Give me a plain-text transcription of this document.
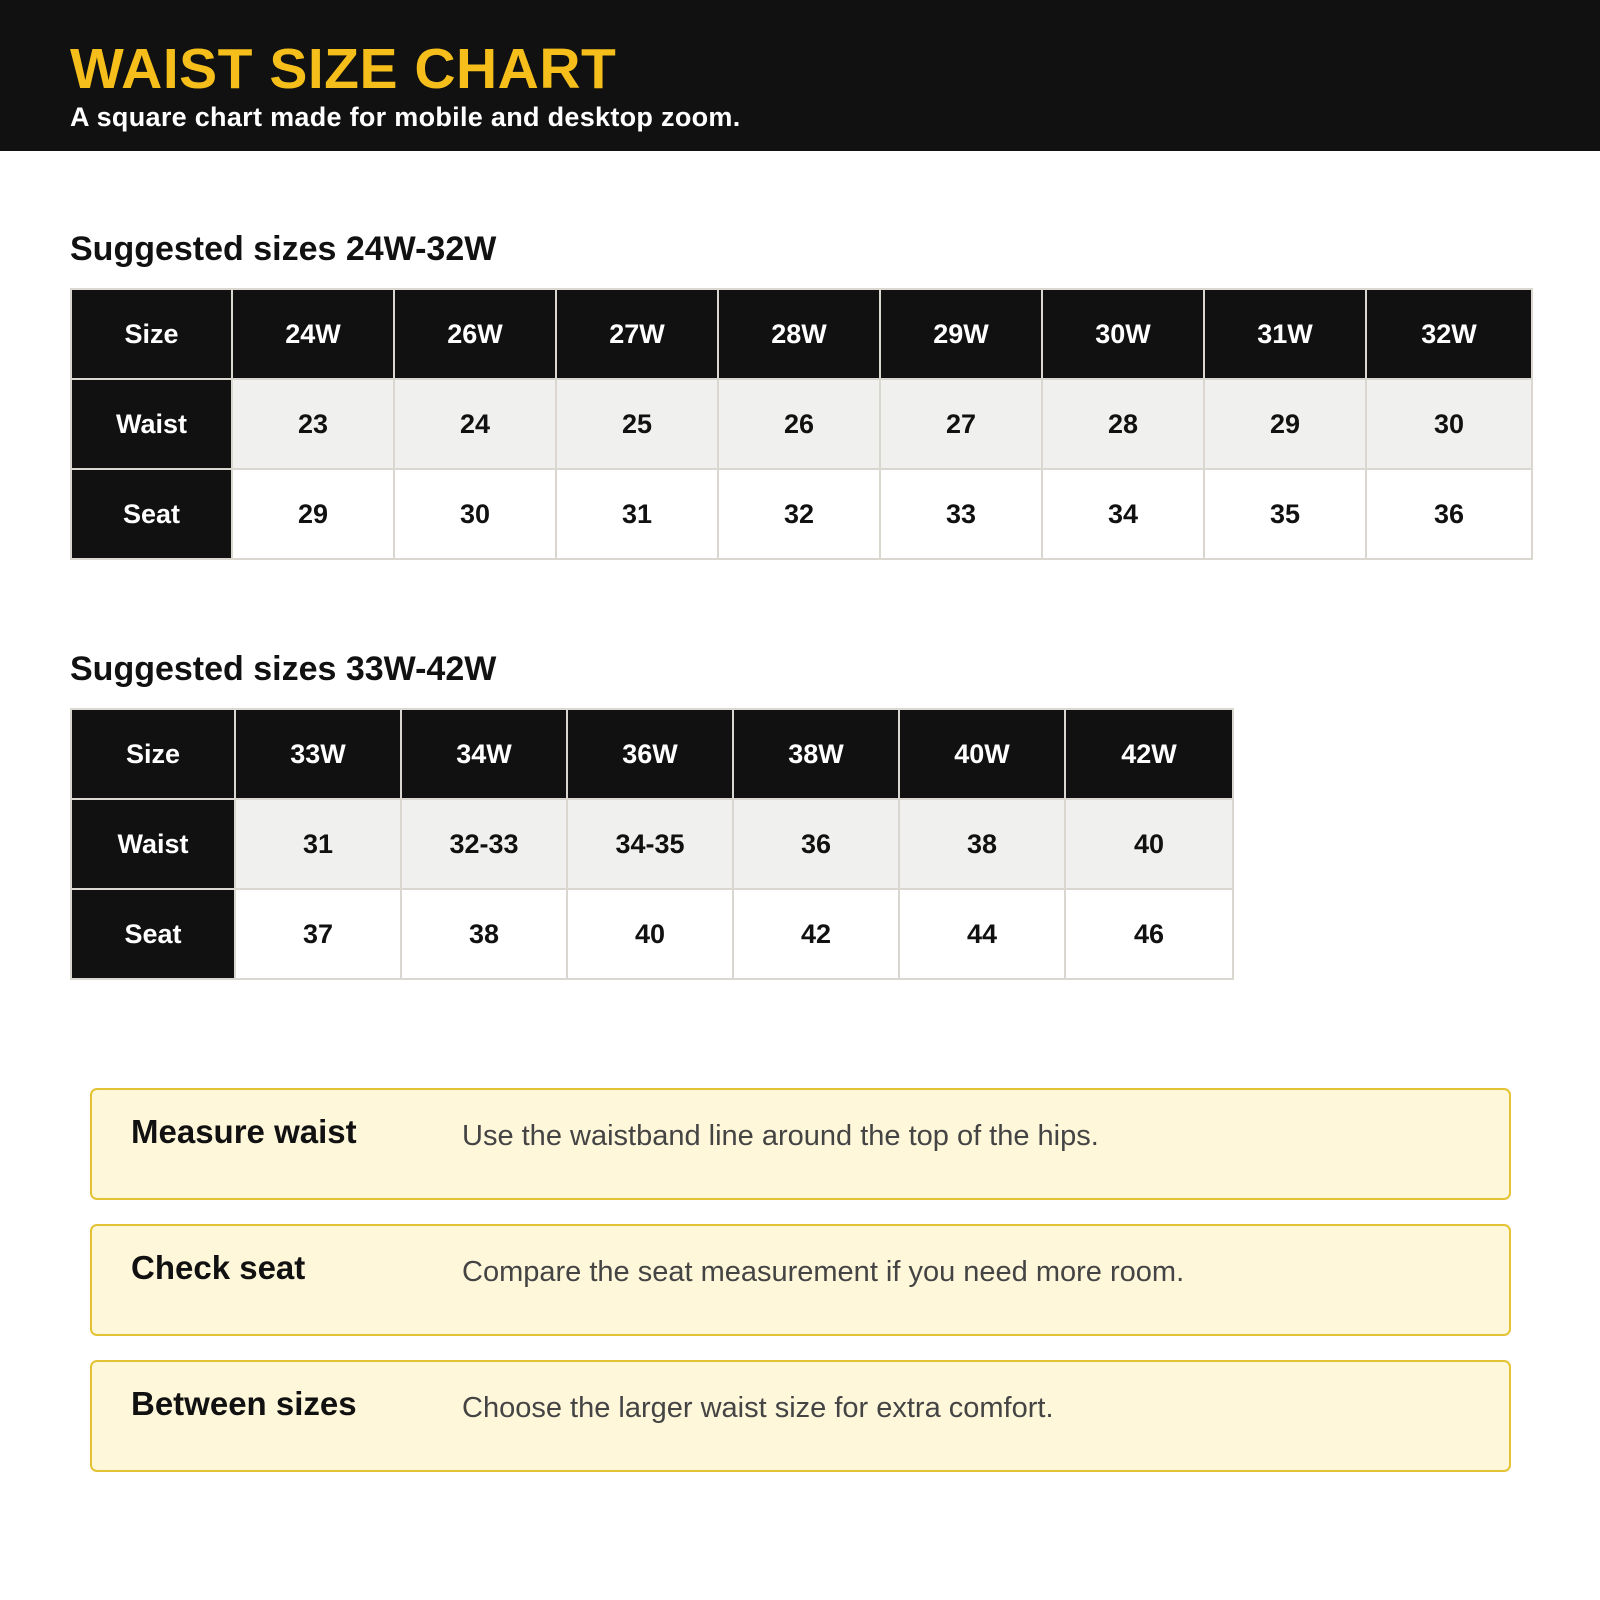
WAIST SIZE CHART
A square chart made for mobile and desktop zoom.
Suggested sizes 24W-32W
Size	24W	26W	27W	28W	29W	30W	31W	32W
Waist	23	24	25	26	27	28	29	30
Seat	29	30	31	32	33	34	35	36
Suggested sizes 33W-42W
Size	33W	34W	36W	38W	40W	42W
Waist	31	32-33	34-35	36	38	40
Seat	37	38	40	42	44	46
Measure waist	Use the waistband line around the top of the hips.
Check seat	Compare the seat measurement if you need more room.
Between sizes	Choose the larger waist size for extra comfort.
